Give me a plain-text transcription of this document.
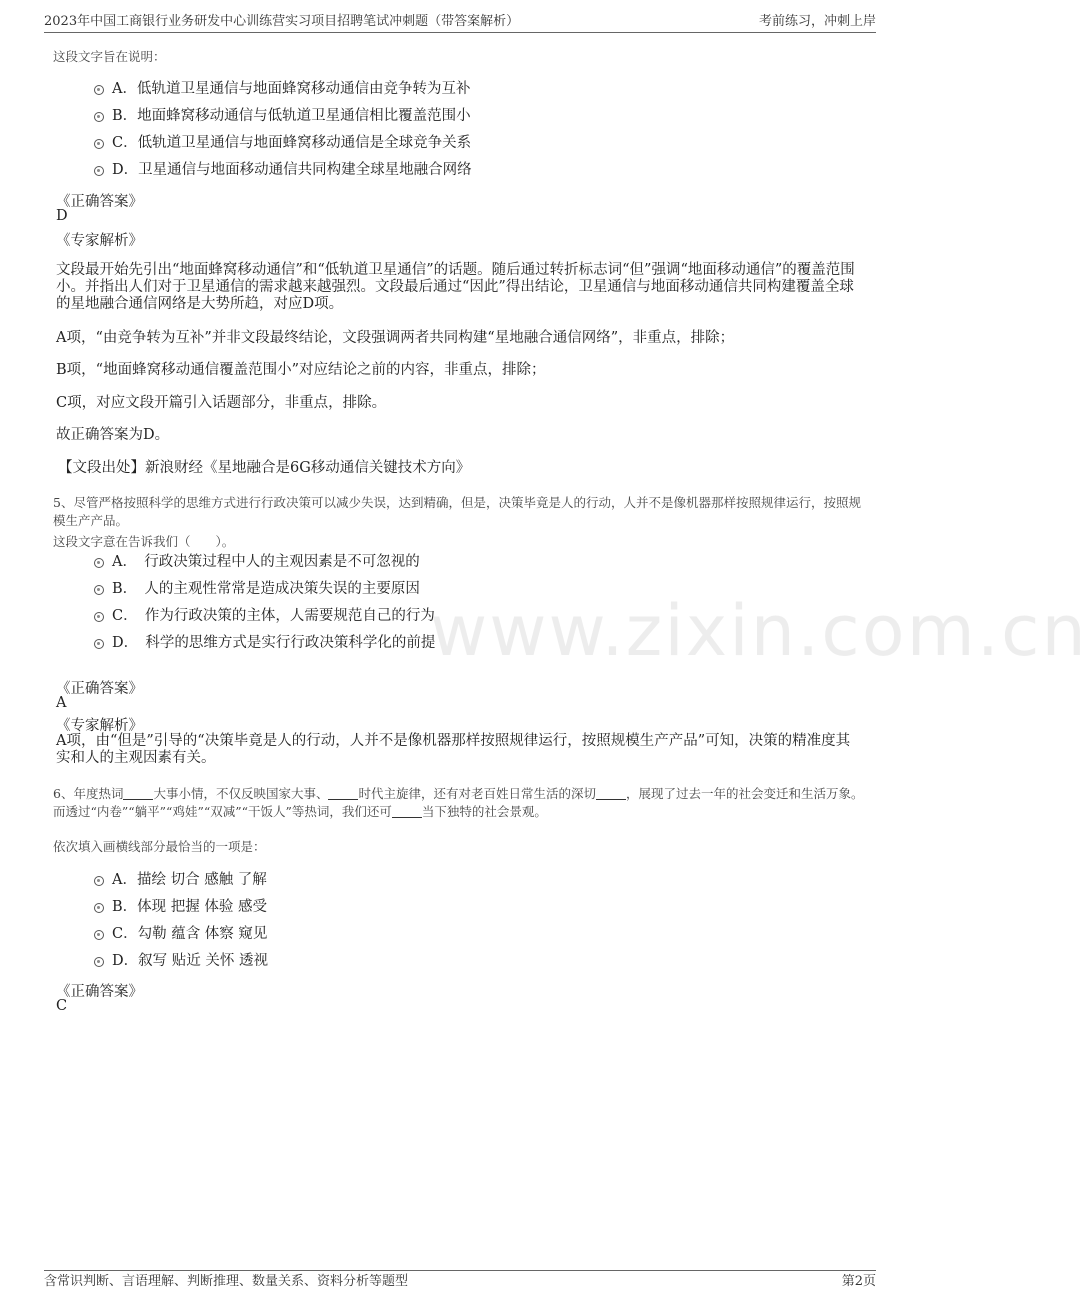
2023年中国工商银行业务研发中心训练营实习项目招聘笔试冲刺题（带答案解析）	考前练习，冲刺上岸
www.zixin.com.cn
这段文字旨在说明：
A．低轨道卫星通信与地面蜂窝移动通信由竞争转为互补
B．地面蜂窝移动通信与低轨道卫星通信相比覆盖范围小
C．低轨道卫星通信与地面蜂窝移动通信是全球竞争关系
D．卫星通信与地面移动通信共同构建全球星地融合网络
《正确答案》
D
《专家解析》
文段最开始先引出“地面蜂窝移动通信”和“低轨道卫星通信”的话题。随后通过转折标志词“但”强调“地面移动通信”的覆盖范围小。并指出人们对于卫星通信的需求越来越强烈。文段最后通过“因此”得出结论，卫星通信与地面移动通信共同构建覆盖全球的星地融合通信网络是大势所趋，对应D项。
A项，“由竞争转为互补”并非文段最终结论，文段强调两者共同构建“星地融合通信网络”，非重点，排除；
B项，“地面蜂窝移动通信覆盖范围小”对应结论之前的内容，非重点，排除；
C项，对应文段开篇引入话题部分，非重点，排除。
故正确答案为D。
【文段出处】新浪财经《星地融合是6G移动通信关键技术方向》
5、尽管严格按照科学的思维方式进行行政决策可以减少失误，达到精确，但是，决策毕竟是人的行动，人并不是像机器那样按照规律运行，按照规模生产产品。
这段文字意在告诉我们（　　）。
A．　行政决策过程中人的主观因素是不可忽视的
B．　人的主观性常常是造成决策失误的主要原因
C．　作为行政决策的主体，人需要规范自己的行为
D．　科学的思维方式是实行行政决策科学化的前提
《正确答案》
A
《专家解析》
A项，由“但是”引导的“决策毕竟是人的行动，人并不是像机器那样按照规律运行，按照规模生产产品”可知，决策的精准度其实和人的主观因素有关。
6、年度热词 大事小情，不仅反映国家大事、 时代主旋律，还有对老百姓日常生活的深切 ，展现了过去一年的社会变迁和生活万象。而透过“内卷”“躺平”“鸡娃”“双减”“干饭人”等热词，我们还可 当下独特的社会景观。
依次填入画横线部分最恰当的一项是：
A．描绘 切合 感触 了解
B．体现 把握 体验 感受
C．勾勒 蕴含 体察 窥见
D．叙写 贴近 关怀 透视
《正确答案》
C
含常识判断、言语理解、判断推理、数量关系、资料分析等题型	第2页
